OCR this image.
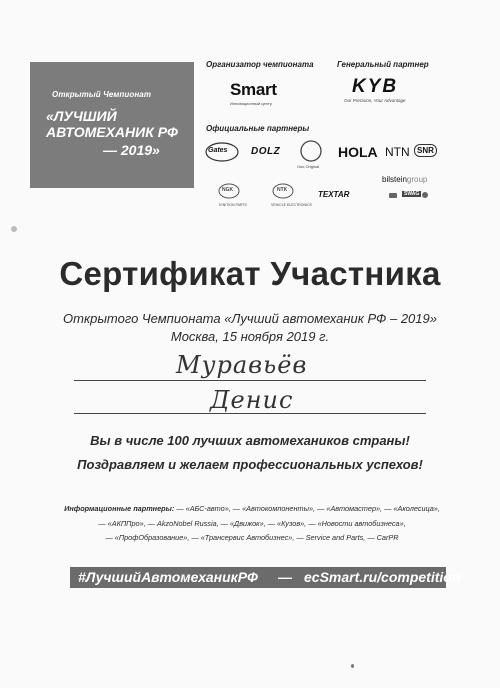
Открытый Чемпионат
«ЛУЧШИЙ
АВТОМЕХАНИК РФ
— 2019»
Организатор чемпионата
Smart
Инновационный центр
Генеральный партнер
KYB
Our Precision, Your Advantage
Официальные партнеры
Gates DOLZ
Oso Original
HOLA NTN SNR
NGK
IGNITION PARTS
NTK
VEHICLE ELECTRONICS
TEXTAR
bilsteingroup
SWAG
Сертификат Участника
Открытого Чемпионата «Лучший автомеханик РФ – 2019»
Москва, 15 ноября 2019 г.
Муравьёв
Денис
Вы в числе 100 лучших автомехаников страны!
Поздравляем и желаем профессиональных успехов!
Информационные партнеры: — «АБС-авто», — «Автокомпоненты», — «Автомастер», — «Аколесица»,
— «АКППро», — AkzoNobel Russia, — «Движок», — «Кузов», — «Новости автобизнеса»,
— «ПрофОбразование», — «Трансервис Автобизнес», — Service and Parts, — CarPR
#ЛучшийАвтомеханикРФ — ecSmart.ru/competition
